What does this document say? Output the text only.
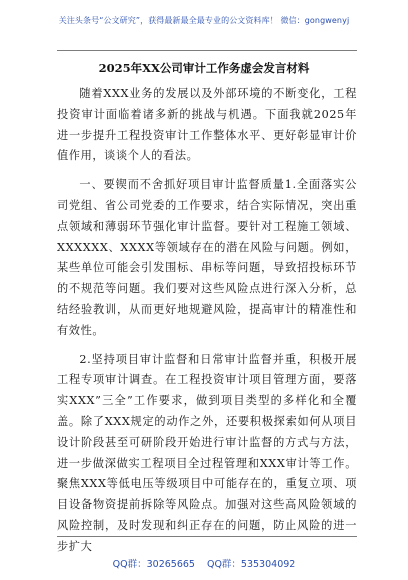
关注头条号“公文研究”，获得最新最全最专业的公文资料库！ 微信：gongwenyj
2025年XX公司审计工作务虚会发言材料

随着XXX业务的发展以及外部环境的不断变化，工程投资审计面临着诸多新的挑战与机遇。下面我就2025年进一步提升工程投资审计工作整体水平、更好彰显审计价值作用，谈谈个人的看法。

一、要锲而不舍抓好项目审计监督质量1.全面落实公司党组、省公司党委的工作要求，结合实际情况，突出重点领域和薄弱环节强化审计监督。要针对工程施工领域、XXXXXX、XXXX等领域存在的潜在风险与问题。例如，某些单位可能会引发围标、串标等问题，导致招投标环节的不规范等问题。我们要对这些风险点进行深入分析，总结经验教训，从而更好地规避风险，提高审计的精准性和有效性。

2.坚持项目审计监督和日常审计监督并重，积极开展工程专项审计调查。在工程投资审计项目管理方面，要落实XXX”三全”工作要求，做到项目类型的多样化和全覆盖。除了XXX规定的动作之外，还要积极探索如何从项目设计阶段甚至可研阶段开始进行审计监督的方式与方法，进一步做深做实工程项目全过程管理和XXX审计等工作。聚焦XXX等低电压等级项目中可能存在的，重复立项、项目设备物资提前拆除等风险点。加强对这些高风险领域的风险控制，及时发现和纠正存在的问题，防止风险的进一步扩大

QQ群：30265665 QQ群：535304092
